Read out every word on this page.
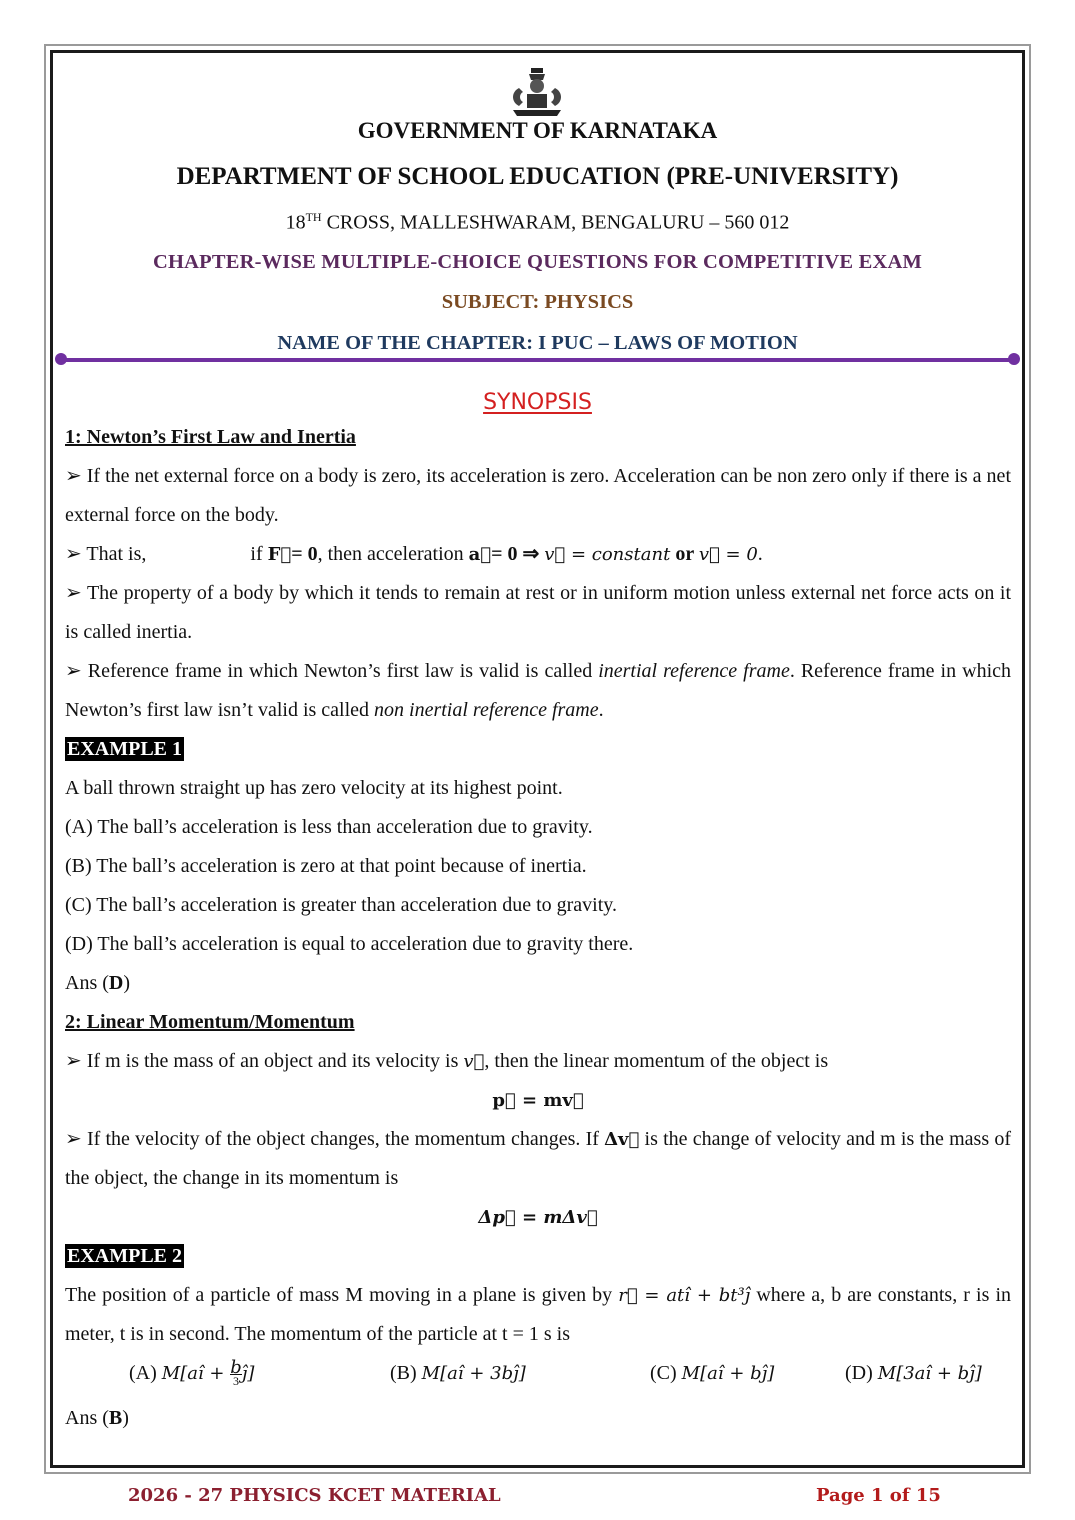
GOVERNMENT OF KARNATAKA
DEPARTMENT OF SCHOOL EDUCATION (PRE-UNIVERSITY)
18TH CROSS, MALLESHWARAM, BENGALURU – 560 012
CHAPTER-WISE MULTIPLE-CHOICE QUESTIONS FOR COMPETITIVE EXAM
SUBJECT: PHYSICS
NAME OF THE CHAPTER: I PUC – LAWS OF MOTION
SYNOPSIS

1: Newton’s First Law and Inertia

➢ If the net external force on a body is zero, its acceleration is zero. Acceleration can be non zero only if there is a net external force on the body.

➢ That is,	if F⃗= 0, then acceleration a⃗= 0 ⇒ v⃗ = constant or v⃗ = 0.

➢ The property of a body by which it tends to remain at rest or in uniform motion unless external net force acts on it is called inertia.

➢ Reference frame in which Newton’s first law is valid is called inertial reference frame. Reference frame in which Newton’s first law isn’t valid is called non inertial reference frame.

EXAMPLE 1

A ball thrown straight up has zero velocity at its highest point.

(A) The ball’s acceleration is less than acceleration due to gravity.

(B) The ball’s acceleration is zero at that point because of inertia.

(C) The ball’s acceleration is greater than acceleration due to gravity.

(D) The ball’s acceleration is equal to acceleration due to gravity there.

Ans (D)

2: Linear Momentum/Momentum

➢ If m is the mass of an object and its velocity is v⃗, then the linear momentum of the object is

p⃗ = mv⃗

➢ If the velocity of the object changes, the momentum changes. If Δv⃗ is the change of velocity and m is the mass of the object, the change in its momentum is

Δp⃗ = mΔv⃗

EXAMPLE 2

The position of a particle of mass M moving in a plane is given by r⃗ = atî + bt³ĵ where a, b are constants, r is in meter, t is in second. The momentum of the particle at t = 1 s is

(A) M[aî + $\frac{b}{3}$ ĵ]	(B) M[aî + 3bĵ]	(C) M[aî + bĵ]	(D) M[3aî + bĵ]

Ans (B)

2026 - 27 PHYSICS KCET MATERIAL	Page 1 of 15
